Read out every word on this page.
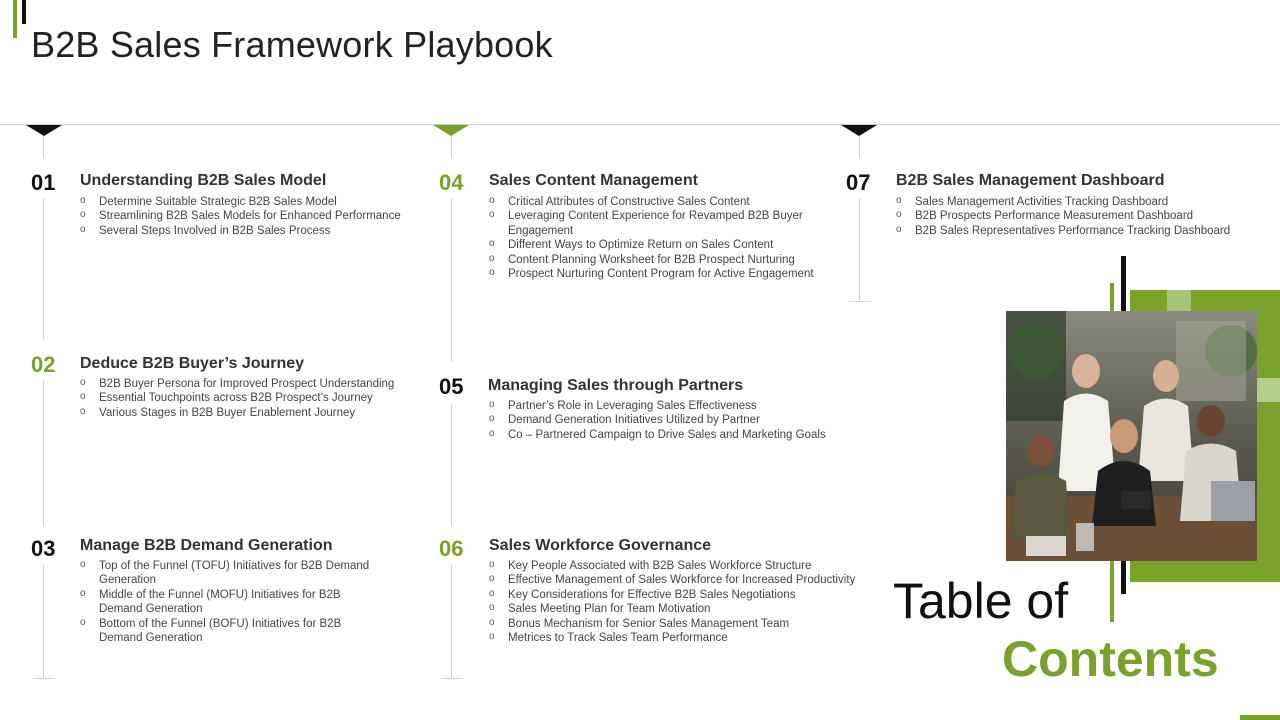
B2B Sales Framework Playbook
01 Understanding B2B Sales Model
o Determine Suitable Strategic B2B Sales Model
o Streamlining B2B Sales Models for Enhanced Performance
o Several Steps Involved in B2B Sales Process
02 Deduce B2B Buyer’s Journey
o B2B Buyer Persona for Improved Prospect Understanding
o Essential Touchpoints across B2B Prospect’s Journey
o Various Stages in B2B Buyer Enablement Journey
03 Manage B2B Demand Generation
o Top of the Funnel (TOFU) Initiatives for B2B Demand Generation
o Middle of the Funnel (MOFU) Initiatives for B2B Demand Generation
o Bottom of the Funnel (BOFU) Initiatives for B2B Demand Generation
04 Sales Content Management
o Critical Attributes of Constructive Sales Content
o Leveraging Content Experience for Revamped B2B Buyer Engagement
o Different Ways to Optimize Return on Sales Content
o Content Planning Worksheet for B2B Prospect Nurturing
o Prospect Nurturing Content Program for Active Engagement
05 Managing Sales through Partners
o Partner’s Role in Leveraging Sales Effectiveness
o Demand Generation Initiatives Utilized by Partner
o Co – Partnered Campaign to Drive Sales and Marketing Goals
06 Sales Workforce Governance
o Key People Associated with B2B Sales Workforce Structure
o Effective Management of Sales Workforce for Increased Productivity
o Key Considerations for Effective B2B Sales Negotiations
o Sales Meeting Plan for Team Motivation
o Bonus Mechanism for Senior Sales Management Team
o Metrices to Track Sales Team Performance
07 B2B Sales Management Dashboard
o Sales Management Activities Tracking Dashboard
o B2B Prospects Performance Measurement Dashboard
o B2B Sales Representatives Performance Tracking Dashboard
Table of
Contents
